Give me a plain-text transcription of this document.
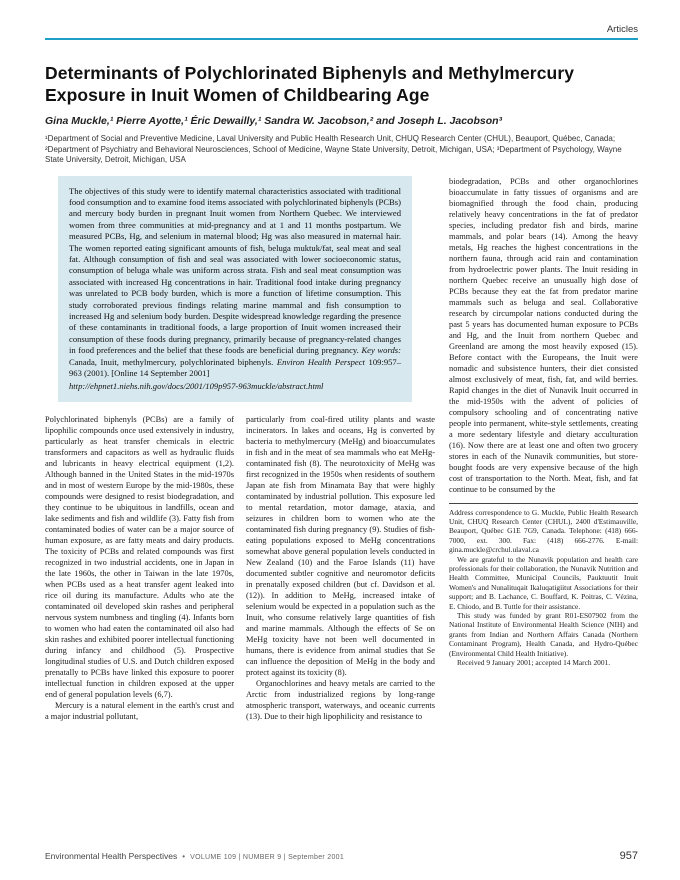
Articles
Determinants of Polychlorinated Biphenyls and Methylmercury Exposure in Inuit Women of Childbearing Age
Gina Muckle,¹ Pierre Ayotte,¹ Éric Dewailly,¹ Sandra W. Jacobson,² and Joseph L. Jacobson³
¹Department of Social and Preventive Medicine, Laval University and Public Health Research Unit, CHUQ Research Center (CHUL), Beauport, Québec, Canada; ²Department of Psychiatry and Behavioral Neurosciences, School of Medicine, Wayne State University, Detroit, Michigan, USA; ³Department of Psychology, Wayne State University, Detroit, Michigan, USA
The objectives of this study were to identify maternal characteristics associated with traditional food consumption and to examine food items associated with polychlorinated biphenyls (PCBs) and mercury body burden in pregnant Inuit women from Northern Quebec. We interviewed women from three communities at mid-pregnancy and at 1 and 11 months postpartum. We measured PCBs, Hg, and selenium in maternal blood; Hg was also measured in maternal hair. The women reported eating significant amounts of fish, beluga muktuk/fat, seal meat and seal fat. Although consumption of fish and seal was associated with lower socioeconomic status, consumption of beluga whale was uniform across strata. Fish and seal meat consumption was associated with increased Hg concentrations in hair. Traditional food intake during pregnancy was unrelated to PCB body burden, which is more a function of lifetime consumption. This study corroborated previous findings relating marine mammal and fish consumption to increased Hg and selenium body burden. Despite widespread knowledge regarding the presence of these contaminants in traditional foods, a large proportion of Inuit women increased their consumption of these foods during pregnancy, primarily because of pregnancy-related changes in food preferences and the belief that these foods are beneficial during pregnancy. Key words: Canada, Inuit, methylmercury, polychlorinated biphenyls. Environ Health Perspect 109:957–963 (2001). [Online 14 September 2001]
http://ehpnet1.niehs.nih.gov/docs/2001/109p957-963muckle/abstract.html

Polychlorinated biphenyls (PCBs) are a family of lipophilic compounds once used extensively in industry, particularly as heat transfer chemicals in electric transformers and capacitors as well as hydraulic fluids and lubricants in heavy electrical equipment (1,2). Although banned in the United States in the mid-1970s and in most of western Europe by the mid-1980s, these compounds were designed to resist biodegradation, and they continue to be ubiquitous in landfills, ocean and lake sediments and fish and wildlife (3). Fatty fish from contaminated bodies of water can be a major source of human exposure, as are fatty meats and dairy products. The toxicity of PCBs and related compounds was first recognized in two industrial accidents, one in Japan in the late 1960s, the other in Taiwan in the late 1970s, when PCBs used as a heat transfer agent leaked into rice oil during its manufacture. Adults who ate the contaminated oil developed skin rashes and peripheral nervous system numbness and tingling (4). Infants born to women who had eaten the contaminated oil also had skin rashes and exhibited poorer intellectual functioning during infancy and childhood (5). Prospective longitudinal studies of U.S. and Dutch children exposed prenatally to PCBs have linked this exposure to poorer intellectual function in children exposed at the upper end of general population levels (6,7).

Mercury is a natural element in the earth's crust and a major industrial pollutant,

particularly from coal-fired utility plants and waste incinerators. In lakes and oceans, Hg is converted by bacteria to methylmercury (MeHg) and bioaccumulates in fish and in the meat of sea mammals who eat MeHg-contaminated fish (8). The neurotoxicity of MeHg was first recognized in the 1950s when residents of southern Japan ate fish from Minamata Bay that were highly contaminated by industrial pollution. This exposure led to mental retardation, motor damage, ataxia, and seizures in children born to women who ate the contaminated fish during pregnancy (9). Studies of fish-eating populations exposed to MeHg concentrations somewhat above general population levels conducted in New Zealand (10) and the Faroe Islands (11) have documented subtler cognitive and neuromotor deficits in prenatally exposed children (but cf. Davidson et al. (12)). In addition to MeHg, increased intake of selenium would be expected in a population such as the Inuit, who consume relatively large quantities of fish and marine mammals. Although the effects of Se on MeHg toxicity have not been well documented in humans, there is evidence from animal studies that Se can influence the deposition of MeHg in the body and protect against its toxicity (8).

Organochlorines and heavy metals are carried to the Arctic from industrialized regions by long-range atmospheric transport, waterways, and oceanic currents (13). Due to their high lipophilicity and resistance to

biodegradation, PCBs and other organochlorines bioaccumulate in fatty tissues of organisms and are biomagnified through the food chain, producing relatively heavy concentrations in the fat of predator species, including predator fish and birds, marine mammals, and polar bears (14). Among the heavy metals, Hg reaches the highest concentrations in the northern fauna, through acid rain and contamination from hydroelectric power plants. The Inuit residing in northern Quebec receive an unusually high dose of PCBs because they eat the fat from predator marine mammals such as beluga and seal. Collaborative research by circumpolar nations conducted during the past 5 years has documented human exposure to PCBs and Hg, and the Inuit from northern Quebec and Greenland are among the most heavily exposed (15). Before contact with the Europeans, the Inuit were nomadic and subsistence hunters, their diet consisted almost exclusively of meat, fish, fat, and wild berries. Rapid changes in the diet of Nunavik Inuit occurred in the mid-1950s with the advent of policies of compulsory schooling and of concentrating native people into permanent, white-style settlements, creating a more sedentary lifestyle and dietary acculturation (16). Now there are at least one and often two grocery stores in each of the Nunavik communities, but store-bought foods are very expensive because of the high cost of transportation to the North. Meat, fish, and fat continue to be consumed by the

Address correspondence to G. Muckle, Public Health Research Unit, CHUQ Research Center (CHUL), 2400 d'Estimauville, Beauport, Québec G1E 7G9, Canada. Telephone: (418) 666-7000, ext. 300. Fax: (418) 666-2776. E-mail: gina.muckle@crchul.ulaval.ca

We are grateful to the Nunavik population and health care professionals for their collaboration, the Nunavik Nutrition and Health Committee, Municipal Councils, Pauktuutit Inuit Women's and Nunalituqait Ikaluqatigiitut Associations for their support; and B. Lachance, C. Bouffard, K. Poitras, C. Vézina, E. Chiodo, and B. Tuttle for their assistance.

This study was funded by grant R01-ES07902 from the National Institute of Environmental Health Science (NIH) and grants from Indian and Northern Affairs Canada (Northern Contaminant Program), Health Canada, and Hydro-Québec (Environmental Child Health Initiative).

Received 9 January 2001; accepted 14 March 2001.

Environmental Health Perspectives • VOLUME 109 | NUMBER 9 | September 2001	957
